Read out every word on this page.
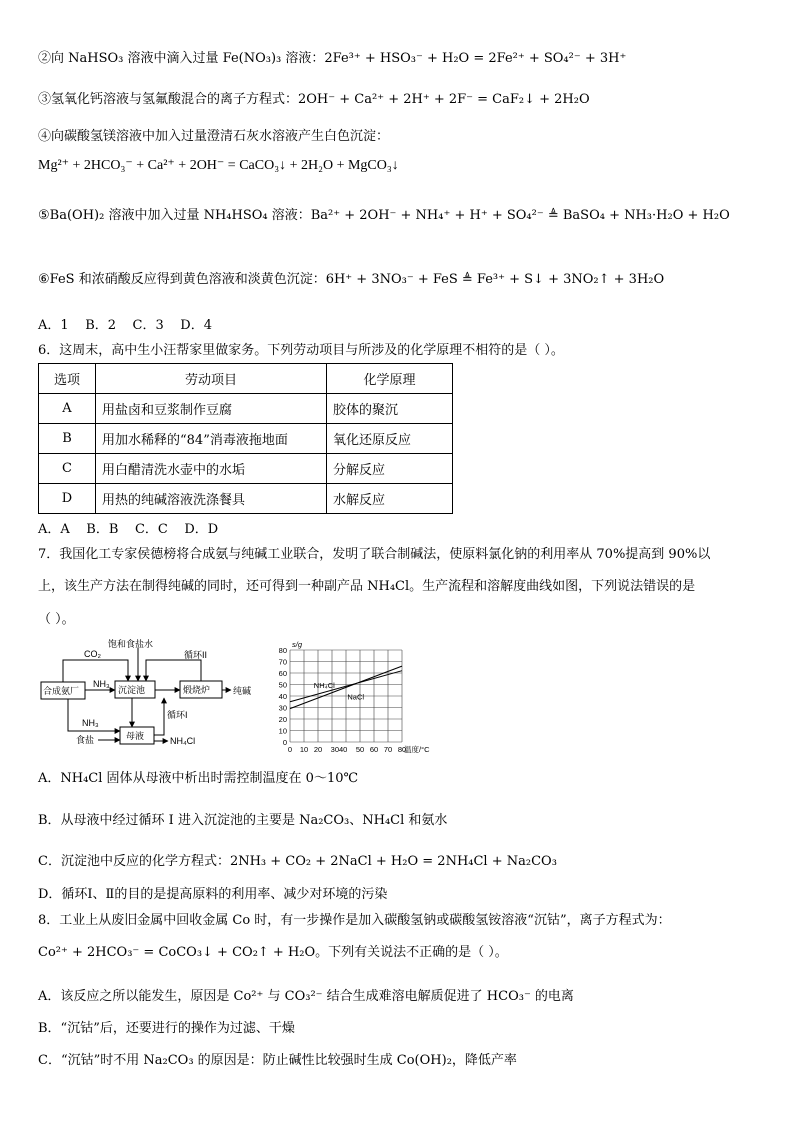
②向 NaHSO₃ 溶液中滴入过量 Fe(NO₃)₃ 溶液：2Fe³⁺ + HSO₃⁻ + H₂O = 2Fe²⁺ + SO₄²⁻ + 3H⁺
③氢氧化钙溶液与氢氟酸混合的离子方程式：2OH⁻ + Ca²⁺ + 2H⁺ + 2F⁻ = CaF₂↓ + 2H₂O
④向碳酸氢镁溶液中加入过量澄清石灰水溶液产生白色沉淀：
Mg²⁺ + 2HCO₃⁻ + Ca²⁺ + 2OH⁻ = CaCO₃↓ + 2H₂O + MgCO₃↓
⑤Ba(OH)₂ 溶液中加入过量 NH₄HSO₄ 溶液：Ba²⁺ + 2OH⁻ + NH₄⁺ + H⁺ + SO₄²⁻ ≜ BaSO₄ + NH₃·H₂O + H₂O
⑥FeS 和浓硝酸反应得到黄色溶液和淡黄色沉淀：6H⁺ + 3NO₃⁻ + FeS ≜ Fe³⁺ + S↓ + 3NO₂↑ + 3H₂O
A．1    B．2    C．3    D．4
6．这周末，高中生小汪帮家里做家务。下列劳动项目与所涉及的化学原理不相符的是（ ）。
选项	劳动项目	化学原理
A	用盐卤和豆浆制作豆腐	胶体的聚沉
B	用加水稀释的“84”消毒液拖地面	氧化还原反应
C	用白醋清洗水壶中的水垢	分解反应
D	用热的纯碱溶液洗涤餐具	水解反应
A．A    B．B    C．C    D．D
7．我国化工专家侯德榜将合成氨与纯碱工业联合，发明了联合制碱法，使原料氯化钠的利用率从 70%提高到 90%以
上，该生产方法在制得纯碱的同时，还可得到一种副产品 NH₄Cl。生产流程和溶解度曲线如图，下列说法错误的是
（ ）。
合成氨厂	沉淀池	煅烧炉
母液
CO₂
饱和食盐水
循环II
循环I
NH₃
NH₃
食盐
纯碱
NH₄Cl	0
10
20
30
40
50
60
70
80
0 10 20 3040 50 60 70 80
s/g
温度/°C
NH₄Cl
NaCl
A．NH₄Cl 固体从母液中析出时需控制温度在 0～10℃
B．从母液中经过循环 I 进入沉淀池的主要是 Na₂CO₃、NH₄Cl 和氨水
C．沉淀池中反应的化学方程式：2NH₃ + CO₂ + 2NaCl + H₂O = 2NH₄Cl + Na₂CO₃
D．循环Ⅰ、Ⅱ的目的是提高原料的利用率、减少对环境的污染
8．工业上从废旧金属中回收金属 Co 时，有一步操作是加入碳酸氢钠或碳酸氢铵溶液“沉钴”，离子方程式为：
Co²⁺ + 2HCO₃⁻ = CoCO₃↓ + CO₂↑ + H₂O。下列有关说法不正确的是（ ）。
A．该反应之所以能发生，原因是 Co²⁺ 与 CO₃²⁻ 结合生成难溶电解质促进了 HCO₃⁻ 的电离
B．“沉钴”后，还要进行的操作为过滤、干燥
C．“沉钴”时不用 Na₂CO₃ 的原因是：防止碱性比较强时生成 Co(OH)₂，降低产率
